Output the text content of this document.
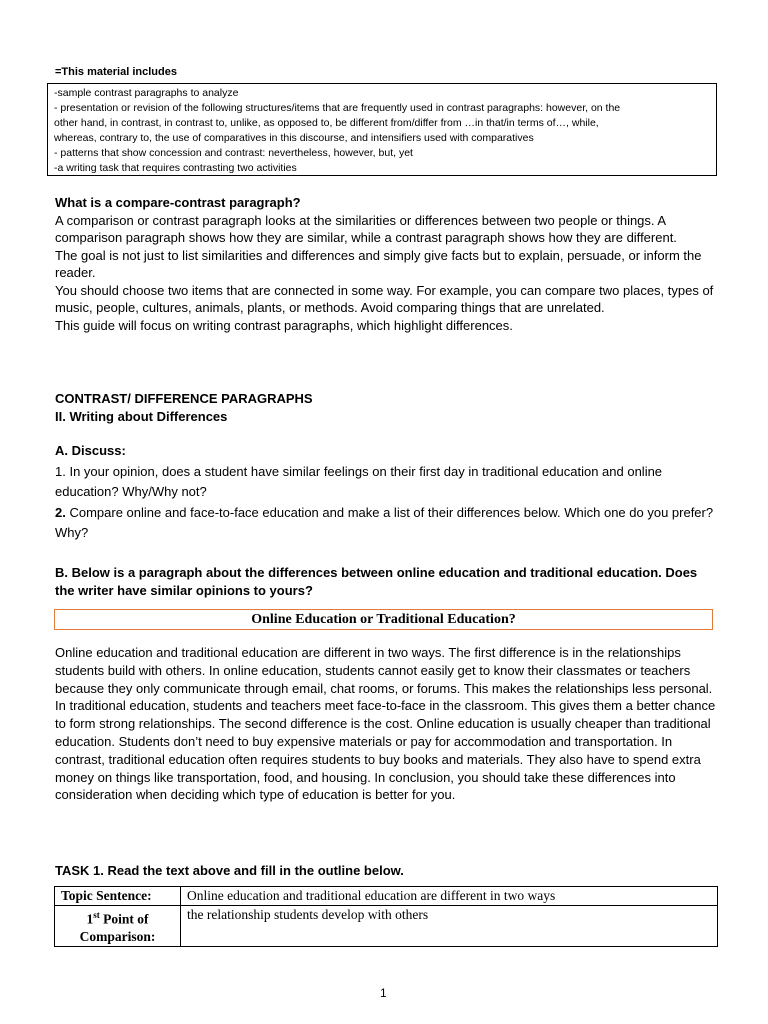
=This material includes
-sample contrast paragraphs to analyze
- presentation or revision of the following structures/items that are frequently used in contrast paragraphs: however, on the
other hand, in contrast, in contrast to, unlike, as opposed to, be different from/differ from …in that/in terms of…, while,
whereas, contrary to, the use of comparatives in this discourse, and intensifiers used with comparatives
- patterns that show concession and contrast: nevertheless, however, but, yet
-a writing task that requires contrasting two activities

What is a compare-contrast paragraph?

A comparison or contrast paragraph looks at the similarities or differences between two people or things. A comparison paragraph shows how they are similar, while a contrast paragraph shows how they are different.

The goal is not just to list similarities and differences and simply give facts but to explain, persuade, or inform the reader.

You should choose two items that are connected in some way. For example, you can compare two places, types of music, people, cultures, animals, plants, or methods. Avoid comparing things that are unrelated.

This guide will focus on writing contrast paragraphs, which highlight differences.

CONTRAST/ DIFFERENCE PARAGRAPHS

II. Writing about Differences

A. Discuss:

1. In your opinion, does a student have similar feelings on their first day in traditional education and online education? Why/Why not?

2. Compare online and face-to-face education and make a list of their differences below. Which one do you prefer? Why?

B. Below is a paragraph about the differences between online education and traditional education. Does the writer have similar opinions to yours?
Online Education or Traditional Education?
Online education and traditional education are different in two ways. The first difference is in the relationships students build with others. In online education, students cannot easily get to know their classmates or teachers because they only communicate through email, chat rooms, or forums. This makes the relationships less personal. In traditional education, students and teachers meet face-to-face in the classroom. This gives them a better chance to form strong relationships. The second difference is the cost. Online education is usually cheaper than traditional education. Students don’t need to buy expensive materials or pay for accommodation and transportation. In contrast, traditional education often requires students to buy books and materials. They also have to spend extra money on things like transportation, food, and housing. In conclusion, you should take these differences into consideration when deciding which type of education is better for you.
TASK 1. Read the text above and fill in the outline below.
Topic Sentence:	Online education and traditional education are different in two ways
1st Point of
Comparison:	the relationship students develop with others
1
